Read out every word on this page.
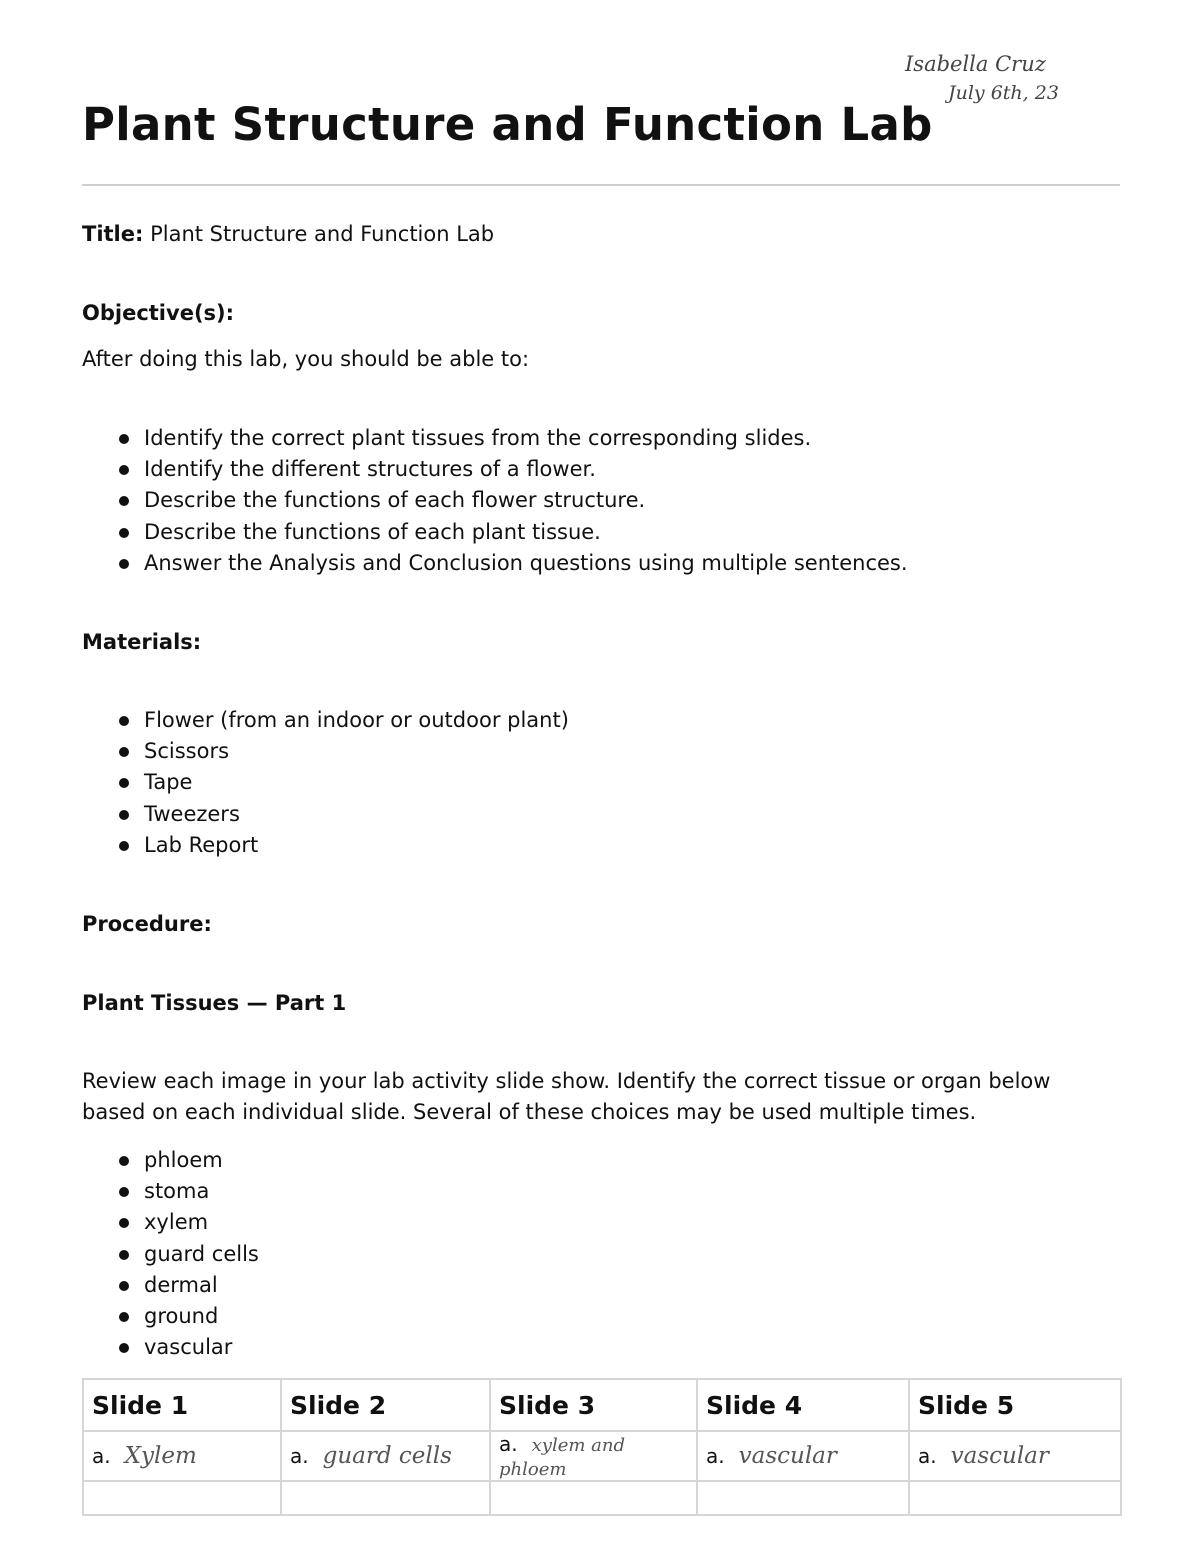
Isabella Cruz
July 6th, 23
Plant Structure and Function Lab
Title: Plant Structure and Function Lab
Objective(s):
After doing this lab, you should be able to:
Identify the correct plant tissues from the corresponding slides.
Identify the different structures of a flower.
Describe the functions of each flower structure.
Describe the functions of each plant tissue.
Answer the Analysis and Conclusion questions using multiple sentences.
Materials:
Flower (from an indoor or outdoor plant)
Scissors
Tape
Tweezers
Lab Report
Procedure:
Plant Tissues — Part 1
Review each image in your lab activity slide show. Identify the correct tissue or organ below
based on each individual slide. Several of these choices may be used multiple times.
phloem
stoma
xylem
guard cells
dermal
ground
vascular
Slide 1	Slide 2	Slide 3	Slide 4	Slide 5
a. Xylem	a. guard cells	a. xylem and phloem	a. vascular	a. vascular
